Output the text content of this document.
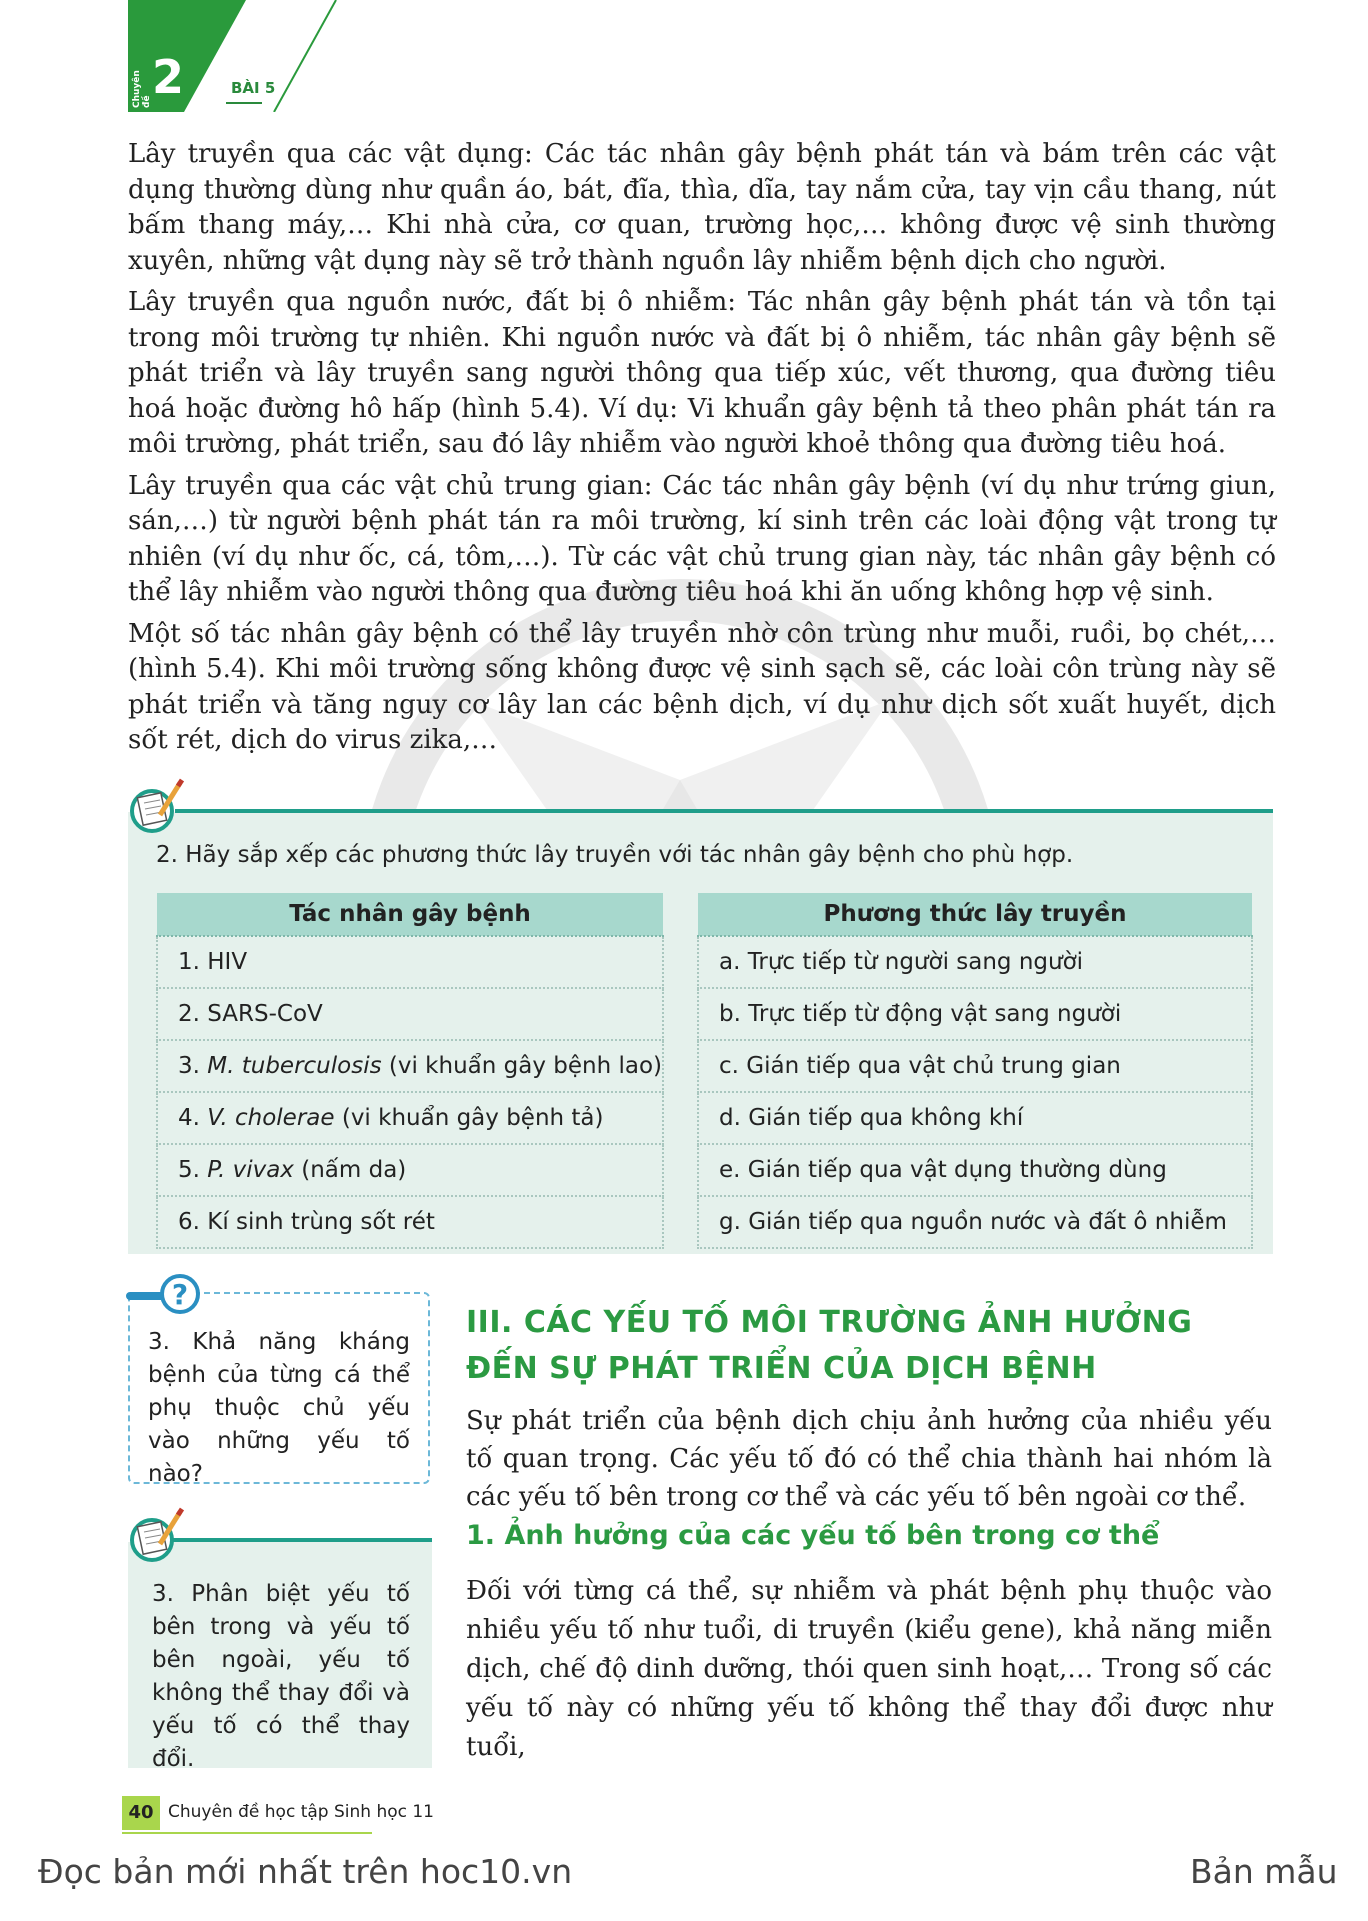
Chuyên đề 2	BÀI 5

Lây truyền qua các vật dụng: Các tác nhân gây bệnh phát tán và bám trên các vật dụng thường dùng như quần áo, bát, đĩa, thìa, dĩa, tay nắm cửa, tay vịn cầu thang, nút bấm thang máy,… Khi nhà cửa, cơ quan, trường học,… không được vệ sinh thường xuyên, những vật dụng này sẽ trở thành nguồn lây nhiễm bệnh dịch cho người.

Lây truyền qua nguồn nước, đất bị ô nhiễm: Tác nhân gây bệnh phát tán và tồn tại trong môi trường tự nhiên. Khi nguồn nước và đất bị ô nhiễm, tác nhân gây bệnh sẽ phát triển và lây truyền sang người thông qua tiếp xúc, vết thương, qua đường tiêu hoá hoặc đường hô hấp (hình 5.4). Ví dụ: Vi khuẩn gây bệnh tả theo phân phát tán ra môi trường, phát triển, sau đó lây nhiễm vào người khoẻ thông qua đường tiêu hoá.

Lây truyền qua các vật chủ trung gian: Các tác nhân gây bệnh (ví dụ như trứng giun, sán,…) từ người bệnh phát tán ra môi trường, kí sinh trên các loài động vật trong tự nhiên (ví dụ như ốc, cá, tôm,…). Từ các vật chủ trung gian này, tác nhân gây bệnh có thể lây nhiễm vào người thông qua đường tiêu hoá khi ăn uống không hợp vệ sinh.

Một số tác nhân gây bệnh có thể lây truyền nhờ côn trùng như muỗi, ruồi, bọ chét,… (hình 5.4). Khi môi trường sống không được vệ sinh sạch sẽ, các loài côn trùng này sẽ phát triển và tăng nguy cơ lây lan các bệnh dịch, ví dụ như dịch sốt xuất huyết, dịch sốt rét, dịch do virus zika,…

2. Hãy sắp xếp các phương thức lây truyền với tác nhân gây bệnh cho phù hợp.
Tác nhân gây bệnh
1. HIV
2. SARS-CoV
3. M. tuberculosis (vi khuẩn gây bệnh lao)
4. V. cholerae (vi khuẩn gây bệnh tả)
5. P. vivax (nấm da)
6. Kí sinh trùng sốt rét
Phương thức lây truyền
a. Trực tiếp từ người sang người
b. Trực tiếp từ động vật sang người
c. Gián tiếp qua vật chủ trung gian
d. Gián tiếp qua không khí
e. Gián tiếp qua vật dụng thường dùng
g. Gián tiếp qua nguồn nước và đất ô nhiễm
?
3. Khả năng kháng bệnh của từng cá thể phụ thuộc chủ yếu vào những yếu tố nào?
3. Phân biệt yếu tố bên trong và yếu tố bên ngoài, yếu tố không thể thay đổi và yếu tố có thể thay đổi.
III. CÁC YẾU TỐ MÔI TRƯỜNG ẢNH HƯỞNG ĐẾN SỰ PHÁT TRIỂN CỦA DỊCH BỆNH
Sự phát triển của bệnh dịch chịu ảnh hưởng của nhiều yếu tố quan trọng. Các yếu tố đó có thể chia thành hai nhóm là các yếu tố bên trong cơ thể và các yếu tố bên ngoài cơ thể.
1. Ảnh hưởng của các yếu tố bên trong cơ thể
Đối với từng cá thể, sự nhiễm và phát bệnh phụ thuộc vào nhiều yếu tố như tuổi, di truyền (kiểu gene), khả năng miễn dịch, chế độ dinh dưỡng, thói quen sinh hoạt,… Trong số các yếu tố này có những yếu tố không thể thay đổi được như tuổi,
40 Chuyên đề học tập Sinh học 11
Đọc bản mới nhất trên hoc10.vn	Bản mẫu
